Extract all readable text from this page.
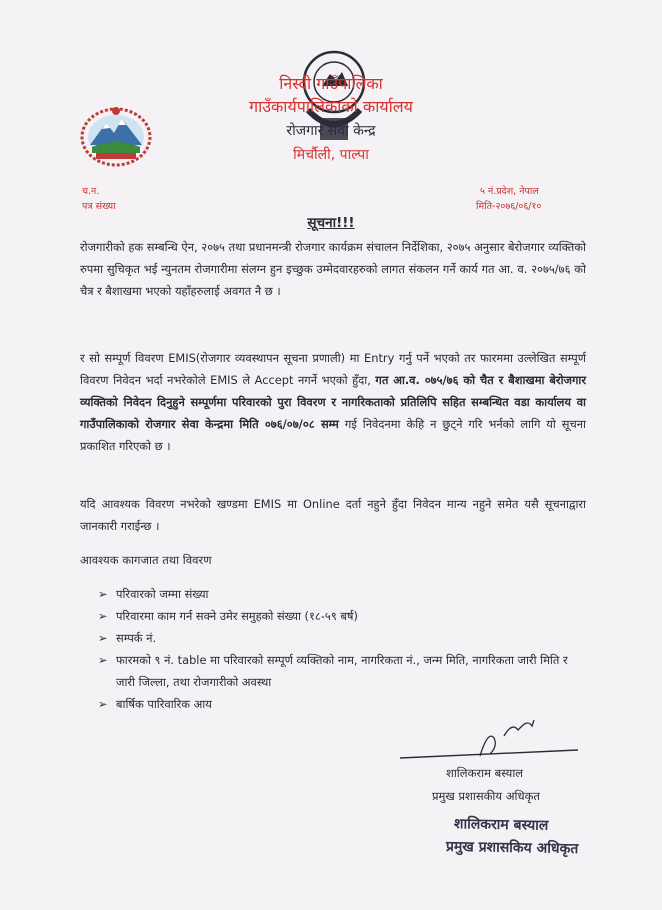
निस्दी गाउँपालिका
गाउँकार्यपालिकाको कार्यालय
रोजगार सेवा केन्द्र
मिर्चौली, पाल्पा
च.न.
पत्र संख्या
५ नं.प्रदेश, नेपाल
मिति-२०७६/०६/१०
सूचना!!!

रोजगारीको हक सम्बन्धि ऐन, २०७५ तथा प्रधानमन्त्री रोजगार कार्यक्रम संचालन निर्देशिका, २०७५ अनुसार बेरोजगार व्यक्तिको रुपमा सुचिकृत भई न्युनतम रोजगारीमा संलग्न हुन इच्छुक उम्मेदवारहरुको लागत संकलन गर्ने कार्य गत आ. व. २०७५/७६ को चैत्र र बैशाखमा भएको यहाँहरुलाई अवगत नै छ ।

र सो सम्पूर्ण विवरण EMIS(रोजगार व्यवस्थापन सूचना प्रणाली) मा Entry गर्नु पर्ने भएको तर फारममा उल्लेखित सम्पूर्ण विवरण निवेदन भर्दा नभरेकोले EMIS ले Accept नगर्ने भएको हुँदा, गत आ.व. ०७५/७६ को चैत र बैशाखमा बेरोजगार व्यक्तिको निवेदन दिनुहुने सम्पूर्णमा परिवारको पुरा विवरण र नागरिकताको प्रतिलिपि सहित सम्बन्धित वडा कार्यालय वा गाउँपालिकाको रोजगार सेवा केन्द्रमा मिति ०७६/०७/०८ सम्म गई निवेदनमा केहि न छुट्ने गरि भर्नको लागि यो सूचना प्रकाशित गरिएको छ ।

यदि आवश्यक विवरण नभरेको खण्डमा EMIS मा Online दर्ता नहुने हुँदा निवेदन मान्य नहुने समेत यसै सूचनाद्वारा जानकारी गराईन्छ ।

आवश्यक कागजात तथा विवरण
➢ परिवारको जम्मा संख्या
➢ परिवारमा काम गर्न सक्ने उमेर समुहको संख्या (१८-५९ बर्ष)
➢ सम्पर्क नं.
➢ फारमको ९ नं. table मा परिवारको सम्पूर्ण व्यक्तिको नाम, नागरिकता नं., जन्म मिति, नागरिकता जारी मिति र जारी जिल्ला, तथा रोजगारीको अवस्था
➢ बार्षिक पारिवारिक आय
शालिकराम बस्याल
प्रमुख प्रशासकीय अधिकृत
शालिकराम बस्याल
प्रमुख प्रशासकिय अधिकृत
